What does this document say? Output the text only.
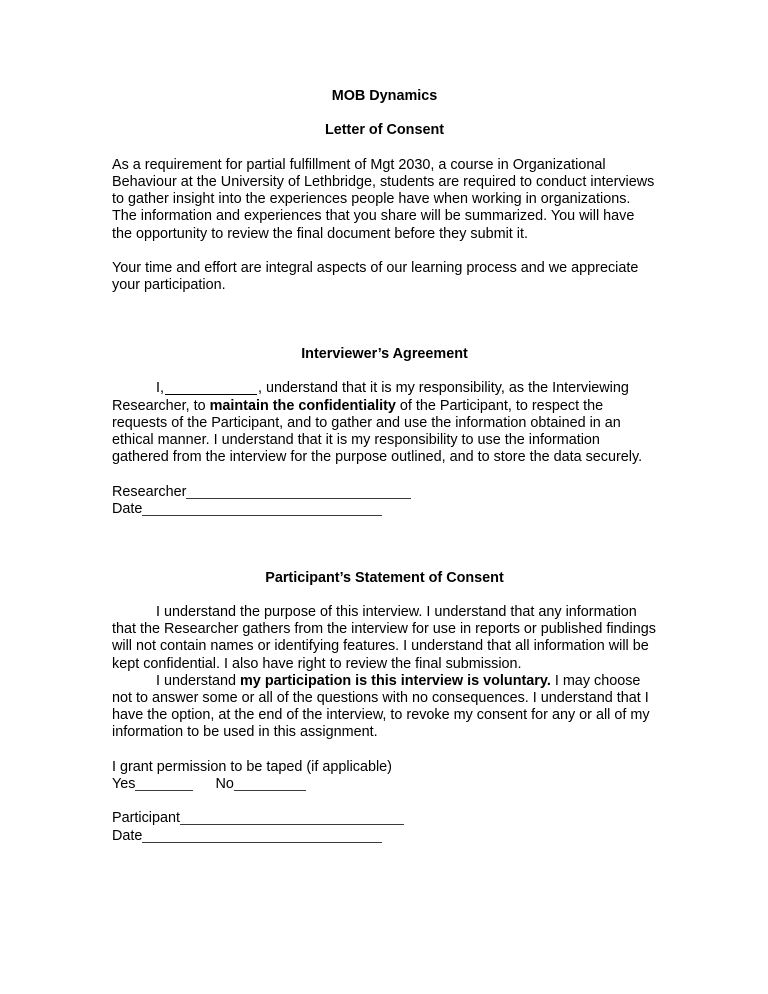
MOB Dynamics
Letter of Consent

As a requirement for partial fulfillment of Mgt 2030, a course in Organizational Behaviour at the University of Lethbridge, students are required to conduct interviews to gather insight into the experiences people have when working in organizations. The information and experiences that you share will be summarized. You will have the opportunity to review the final document before they submit it.

Your time and effort are integral aspects of our learning process and we appreciate your participation.

Interviewer’s Agreement

I,	, understand that it is my responsibility, as the Interviewing Researcher, to maintain the confidentiality of the Participant, to respect the requests of the Participant, and to gather and use the information obtained in an ethical manner. I understand that it is my responsibility to use the information gathered from the interview for the purpose outlined, and to store the data securely.

Researcher

Date

Participant’s Statement of Consent

I understand the purpose of this interview. I understand that any information that the Researcher gathers from the interview for use in reports or published findings will not contain names or identifying features. I understand that all information will be kept confidential. I also have right to review the final submission.

I understand my participation is this interview is voluntary. I may choose not to answer some or all of the questions with no consequences. I understand that I have the option, at the end of the interview, to revoke my consent for any or all of my information to be used in this assignment.

I grant permission to be taped (if applicable)

Yes	No

Participant

Date
